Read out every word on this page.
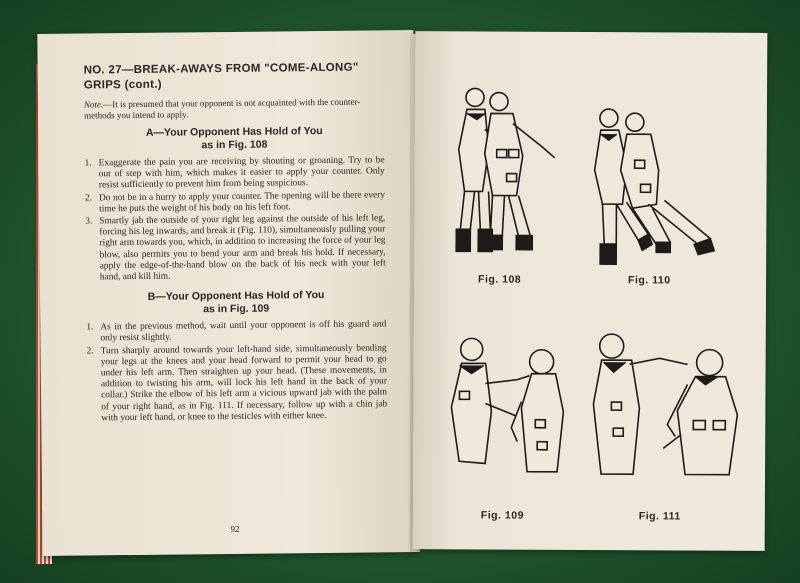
NO. 27—BREAK-AWAYS FROM "COME-ALONG"
GRIPS (cont.)
Note.—It is presumed that your opponent is not acquainted with the counter-methods you intend to apply.
A—Your Opponent Has Hold of You
as in Fig. 108
1. Exaggerate the pain you are receiving by shouting or groaning. Try to be out of step with him, which makes it easier to apply your counter. Only resist sufficiently to prevent him from being suspicious.
2. Do not be in a hurry to apply your counter. The opening will be there every time he puts the weight of his body on his left foot.
3. Smartly jab the outside of your right leg against the outside of his left leg, forcing his leg inwards, and break it (Fig. 110), simultaneously pulling your right arm towards you, which, in addition to increasing the force of your leg blow, also permits you to bend your arm and break his hold. If necessary, apply the edge-of-the-hand blow on the back of his neck with your left hand, and kill him.
B—Your Opponent Has Hold of You
as in Fig. 109
1. As in the previous method, wait until your opponent is off his guard and only resist slightly.
2. Turn sharply around towards your left-hand side, simultaneously bending your legs at the knees and your head forward to permit your head to go under his left arm. Then straighten up your head. (These movements, in addition to twisting his arm, will lock his left hand in the back of your collar.) Strike the elbow of his left arm a vicious upward jab with the palm of your right hand, as in Fig. 111. If necessary, follow up with a chin jab with your left hand, or knee to the testicles with either knee.
92
Fig. 108	Fig. 110
Fig. 109	Fig. 111
